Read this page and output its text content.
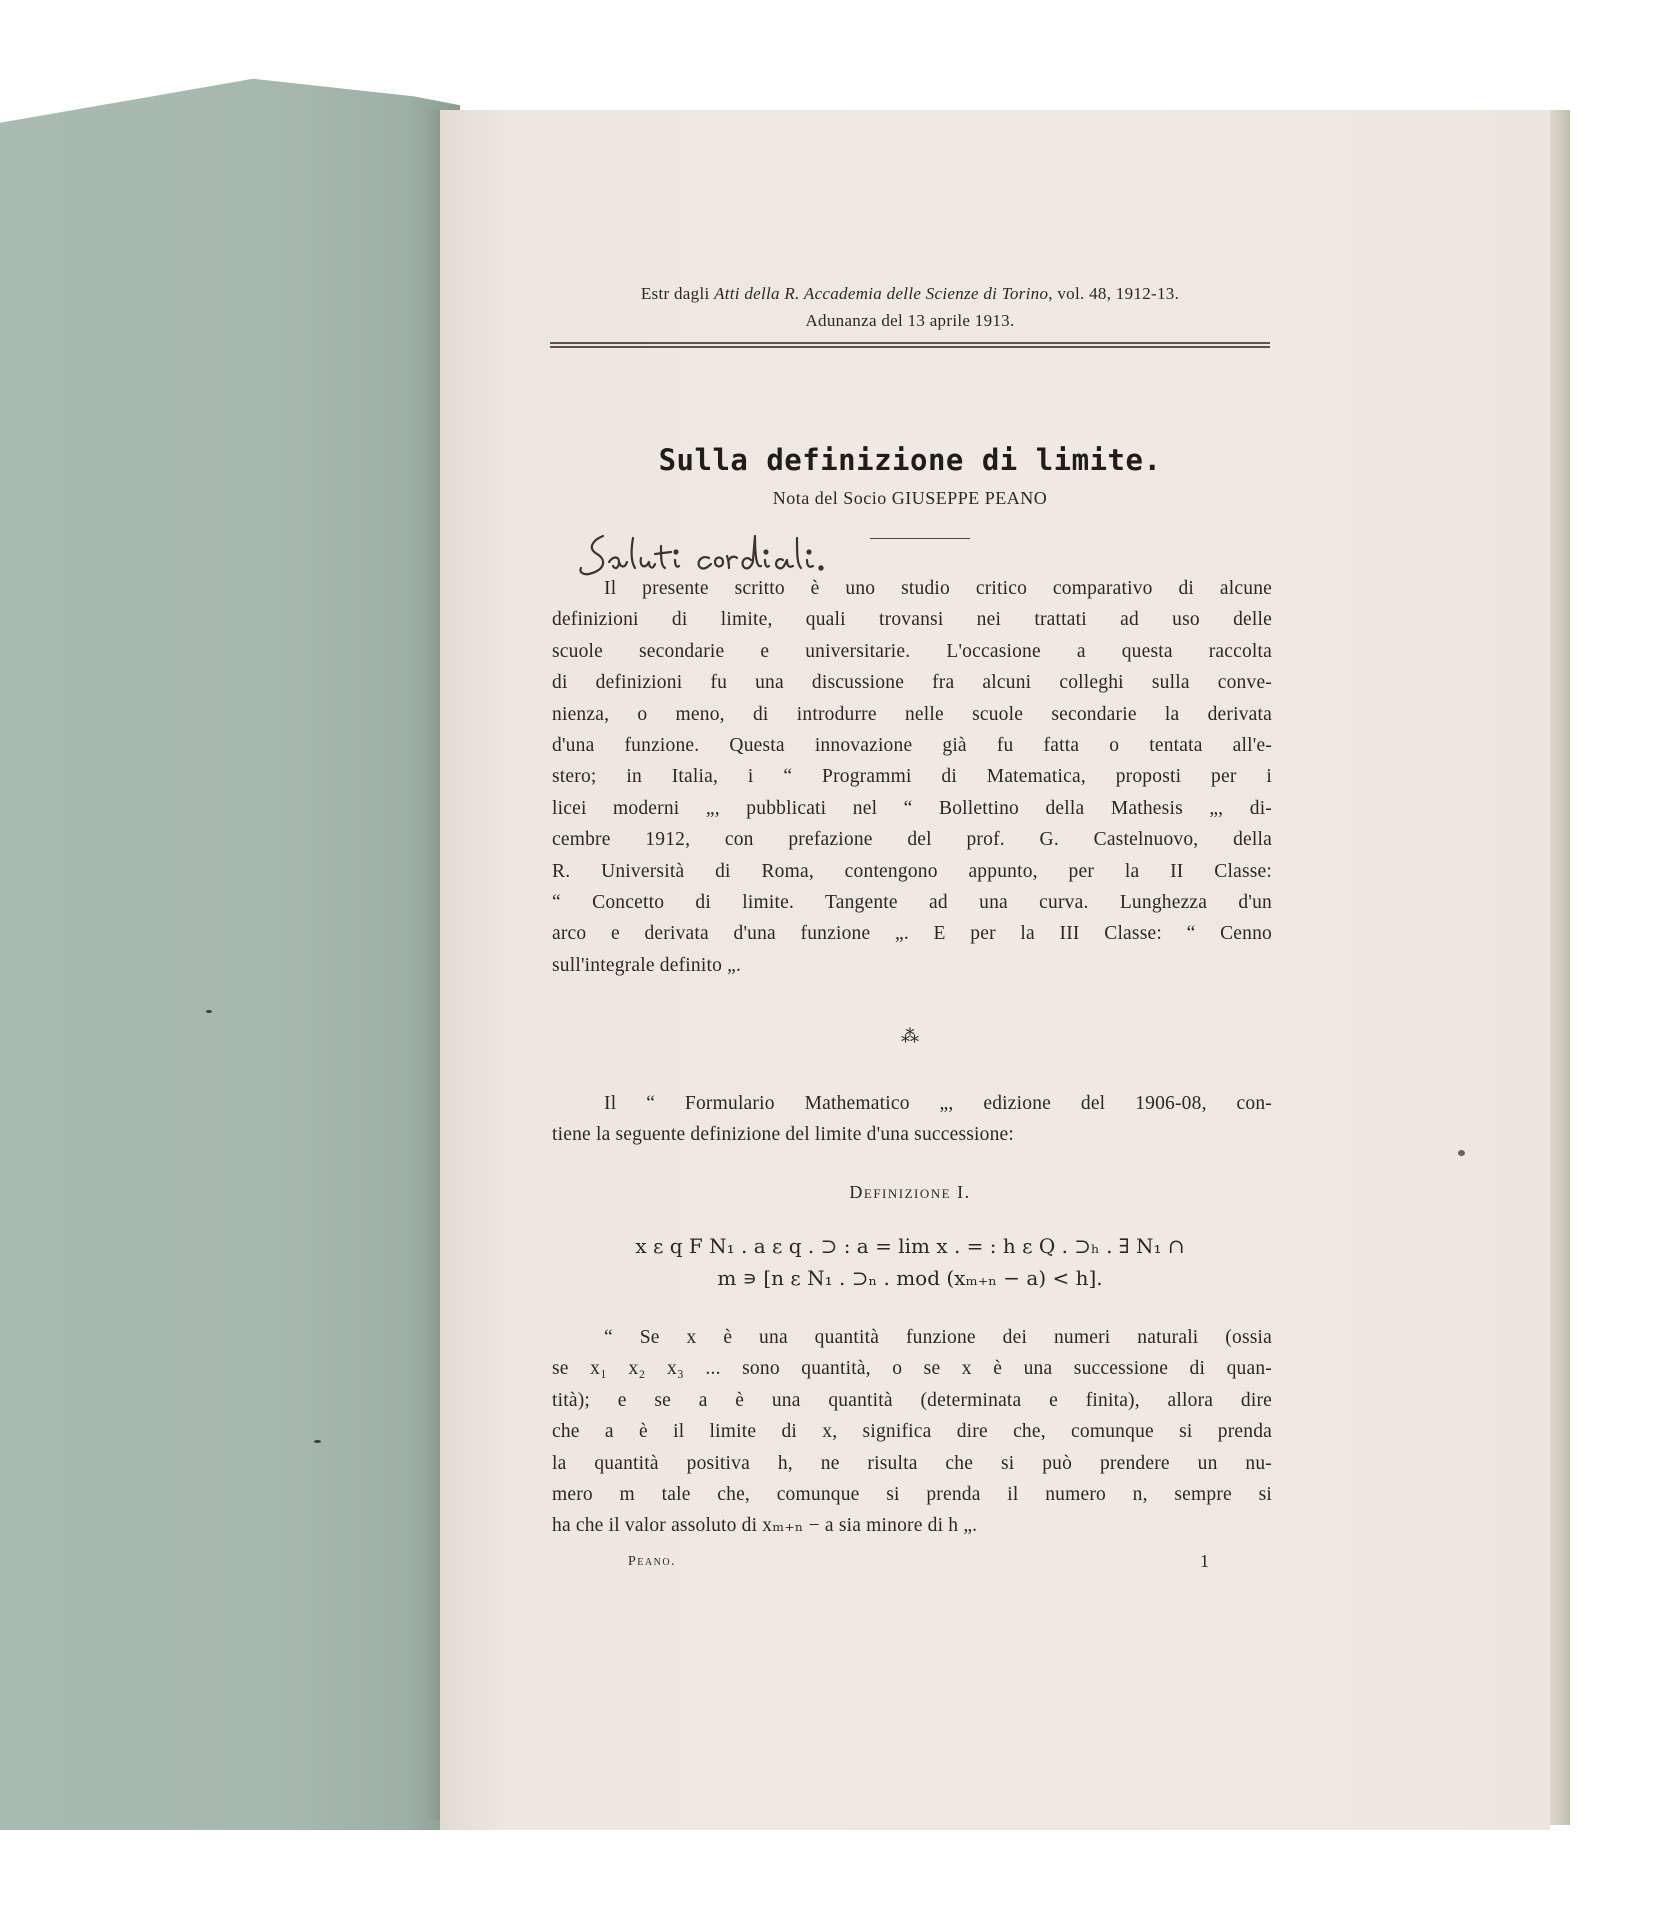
Estr dagli Atti della R. Accademia delle Scienze di Torino, vol. 48, 1912-13.
Adunanza del 13 aprile 1913.
Sulla definizione di limite.
Nota del Socio GIUSEPPE PEANO
Il presente scritto è uno studio critico comparativo di alcune
definizioni di limite, quali trovansi nei trattati ad uso delle
scuole secondarie e universitarie. L'occasione a questa raccolta
di definizioni fu una discussione fra alcuni colleghi sulla conve-
nienza, o meno, di introdurre nelle scuole secondarie la derivata
d'una funzione. Questa innovazione già fu fatta o tentata all'e-
stero; in Italia, i “ Programmi di Matematica, proposti per i
licei moderni „, pubblicati nel “ Bollettino della Mathesis „, di-
cembre 1912, con prefazione del prof. G. Castelnuovo, della
R. Università di Roma, contengono appunto, per la II Classe:
“ Concetto di limite. Tangente ad una curva. Lunghezza d'un
arco e derivata d'una funzione „. E per la III Classe: “ Cenno
sull'integrale definito „.
⁂
Il “ Formulario Mathematico „, edizione del 1906-08, con-
tiene la seguente definizione del limite d'una successione:
Definizione I.
x ε q F N₁ . a ε q . ⊃ : a = lim x . = : h ε Q . ⊃ₕ . ∃ N₁ ∩
m ∍ [n ε N₁ . ⊃ₙ . mod (xₘ₊ₙ − a) < h].
“ Se x è una quantità funzione dei numeri naturali (ossia
se x₁ x₂ x₃ ... sono quantità, o se x è una successione di quan-
tità); e se a è una quantità (determinata e finita), allora dire
che a è il limite di x, significa dire che, comunque si prenda
la quantità positiva h, ne risulta che si può prendere un nu-
mero m tale che, comunque si prenda il numero n, sempre si
ha che il valor assoluto di xₘ₊ₙ − a sia minore di h „.
Peano.	1
